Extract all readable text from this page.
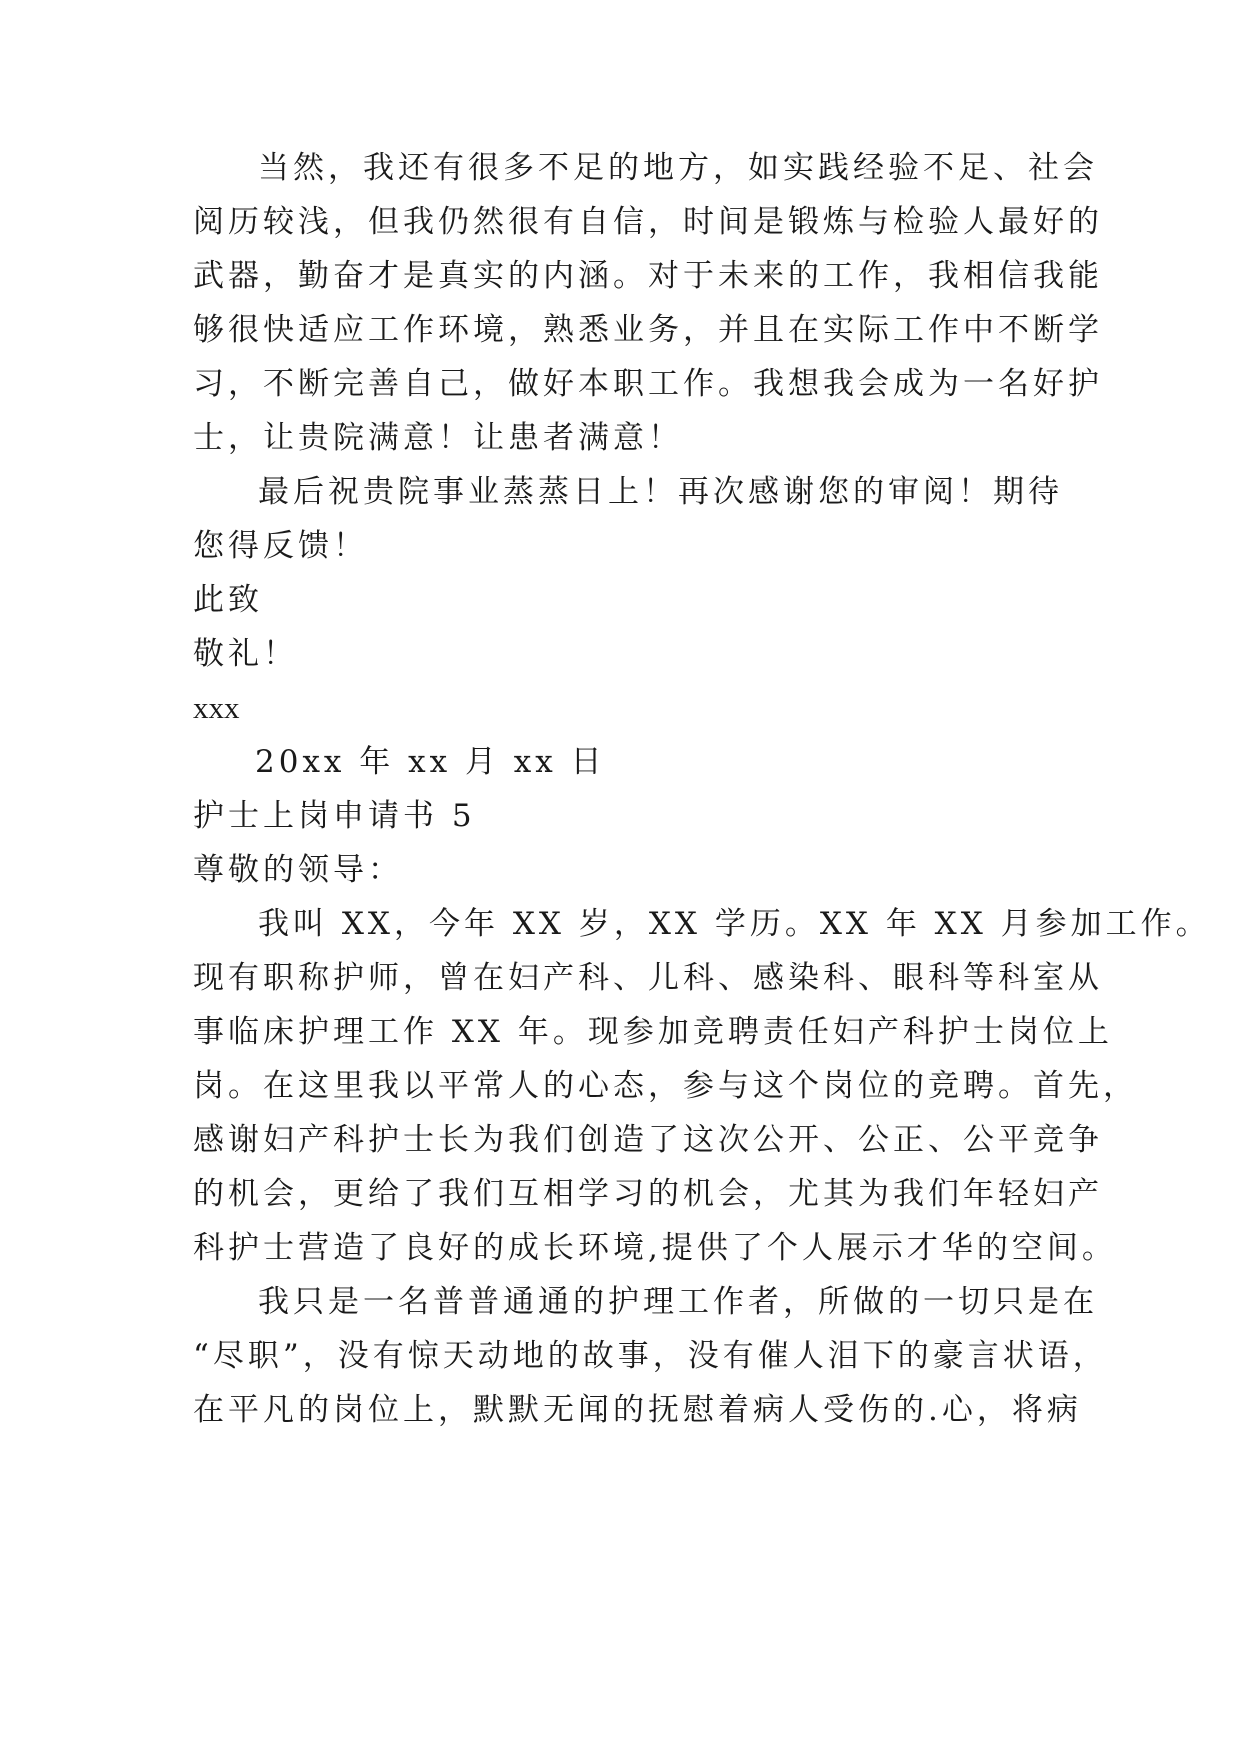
当然，我还有很多不足的地方，如实践经验不足、社会
阅历较浅，但我仍然很有自信，时间是锻炼与检验人最好的
武器，勤奋才是真实的内涵。对于未来的工作，我相信我能
够很快适应工作环境，熟悉业务，并且在实际工作中不断学
习，不断完善自己，做好本职工作。我想我会成为一名好护
士，让贵院满意！让患者满意！
最后祝贵院事业蒸蒸日上！再次感谢您的审阅！期待
您得反馈！
此致
敬礼！
xxx
20xx 年 xx 月 xx 日
护士上岗申请书 5
尊敬的领导：
我叫 XX，今年 XX 岁，XX 学历。XX 年 XX 月参加工作。
现有职称护师，曾在妇产科、儿科、感染科、眼科等科室从
事临床护理工作 XX 年。现参加竞聘责任妇产科护士岗位上
岗。在这里我以平常人的心态，参与这个岗位的竞聘。首先，
感谢妇产科护士长为我们创造了这次公开、公正、公平竞争
的机会，更给了我们互相学习的机会，尤其为我们年轻妇产
科护士营造了良好的成长环境,提供了个人展示才华的空间。
我只是一名普普通通的护理工作者，所做的一切只是在
“尽职”，没有惊天动地的故事，没有催人泪下的豪言状语，
在平凡的岗位上，默默无闻的抚慰着病人受伤的.心，将病
